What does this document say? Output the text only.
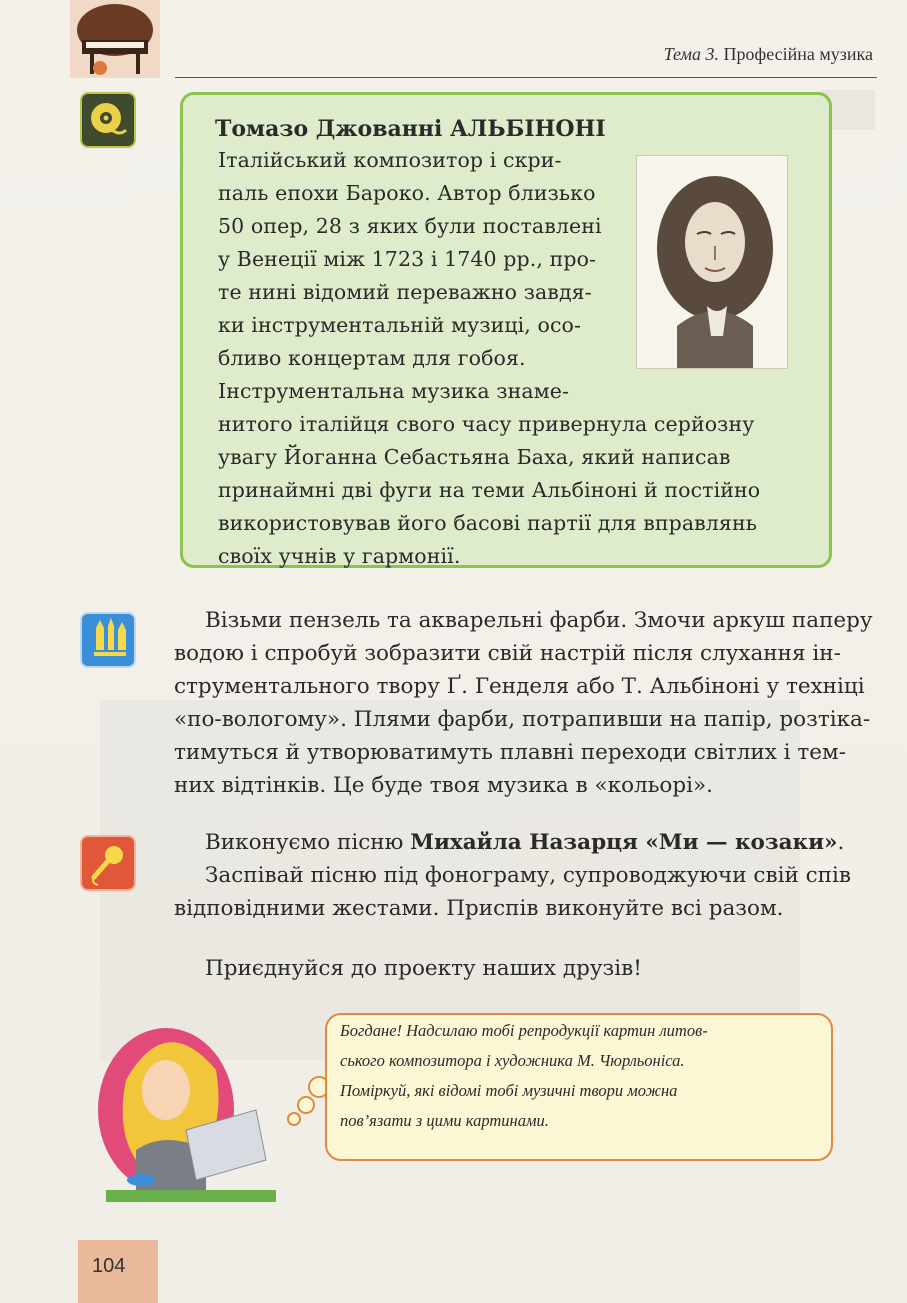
Тема 3. Професійна музика
Томазо Джованні АЛЬБІНОНІ
Італійський композитор і скри-
паль епохи Бароко. Автор близько
50 опер, 28 з яких були поставлені
у Венеції між 1723 і 1740 рр., про-
те нині відомий переважно завдя-
ки інструментальній музиці, осо-
бливо концертам для гобоя.
Інструментальна музика знаме-
нитого італійця свого часу привернула серйозну
увагу Йоганна Себастьяна Баха, який написав
принаймні дві фуги на теми Альбіноні й постійно
використовував його басові партії для вправлянь
своїх учнів у гармонії.
Візьми пензель та акварельні фарби. Змочи аркуш паперу
водою і спробуй зобразити свій настрій після слухання ін-
струментального твору Ґ. Генделя або Т. Альбіноні у техніці
«по-вологому». Плями фарби, потрапивши на папір, розтіка-
тимуться й утворюватимуть плавні переходи світлих і тем-
них відтінків. Це буде твоя музика в «кольорі».
Виконуємо пісню Михайла Назарця «Ми — козаки».
Заспівай пісню під фонограму, супроводжуючи свій спів
відповідними жестами. Приспів виконуйте всі разом.
Приєднуйся до проекту наших друзів!
Богдане! Надсилаю тобі репродукції картин литов-
ського композитора і художника М. Чюрльоніса.
Поміркуй, які відомі тобі музичні твори можна
пов’язати з цими картинами.
104
